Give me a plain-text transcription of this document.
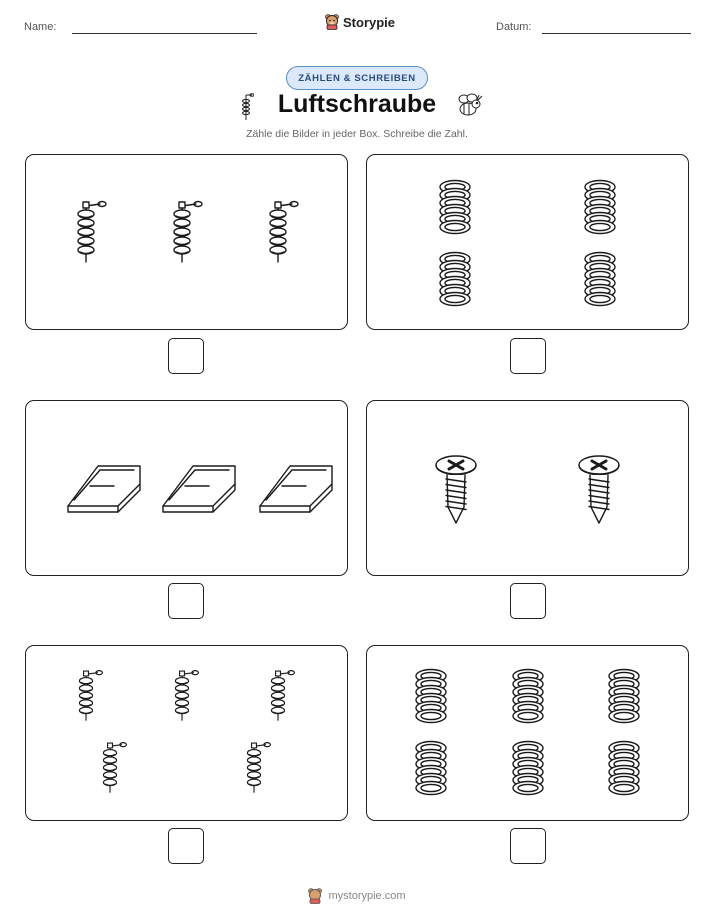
Name:	Storypie	Datum:
ZÄHLEN & SCHREIBEN
Luftschraube
Zähle die Bilder in jeder Box. Schreibe die Zahl.
mystorypie.com
